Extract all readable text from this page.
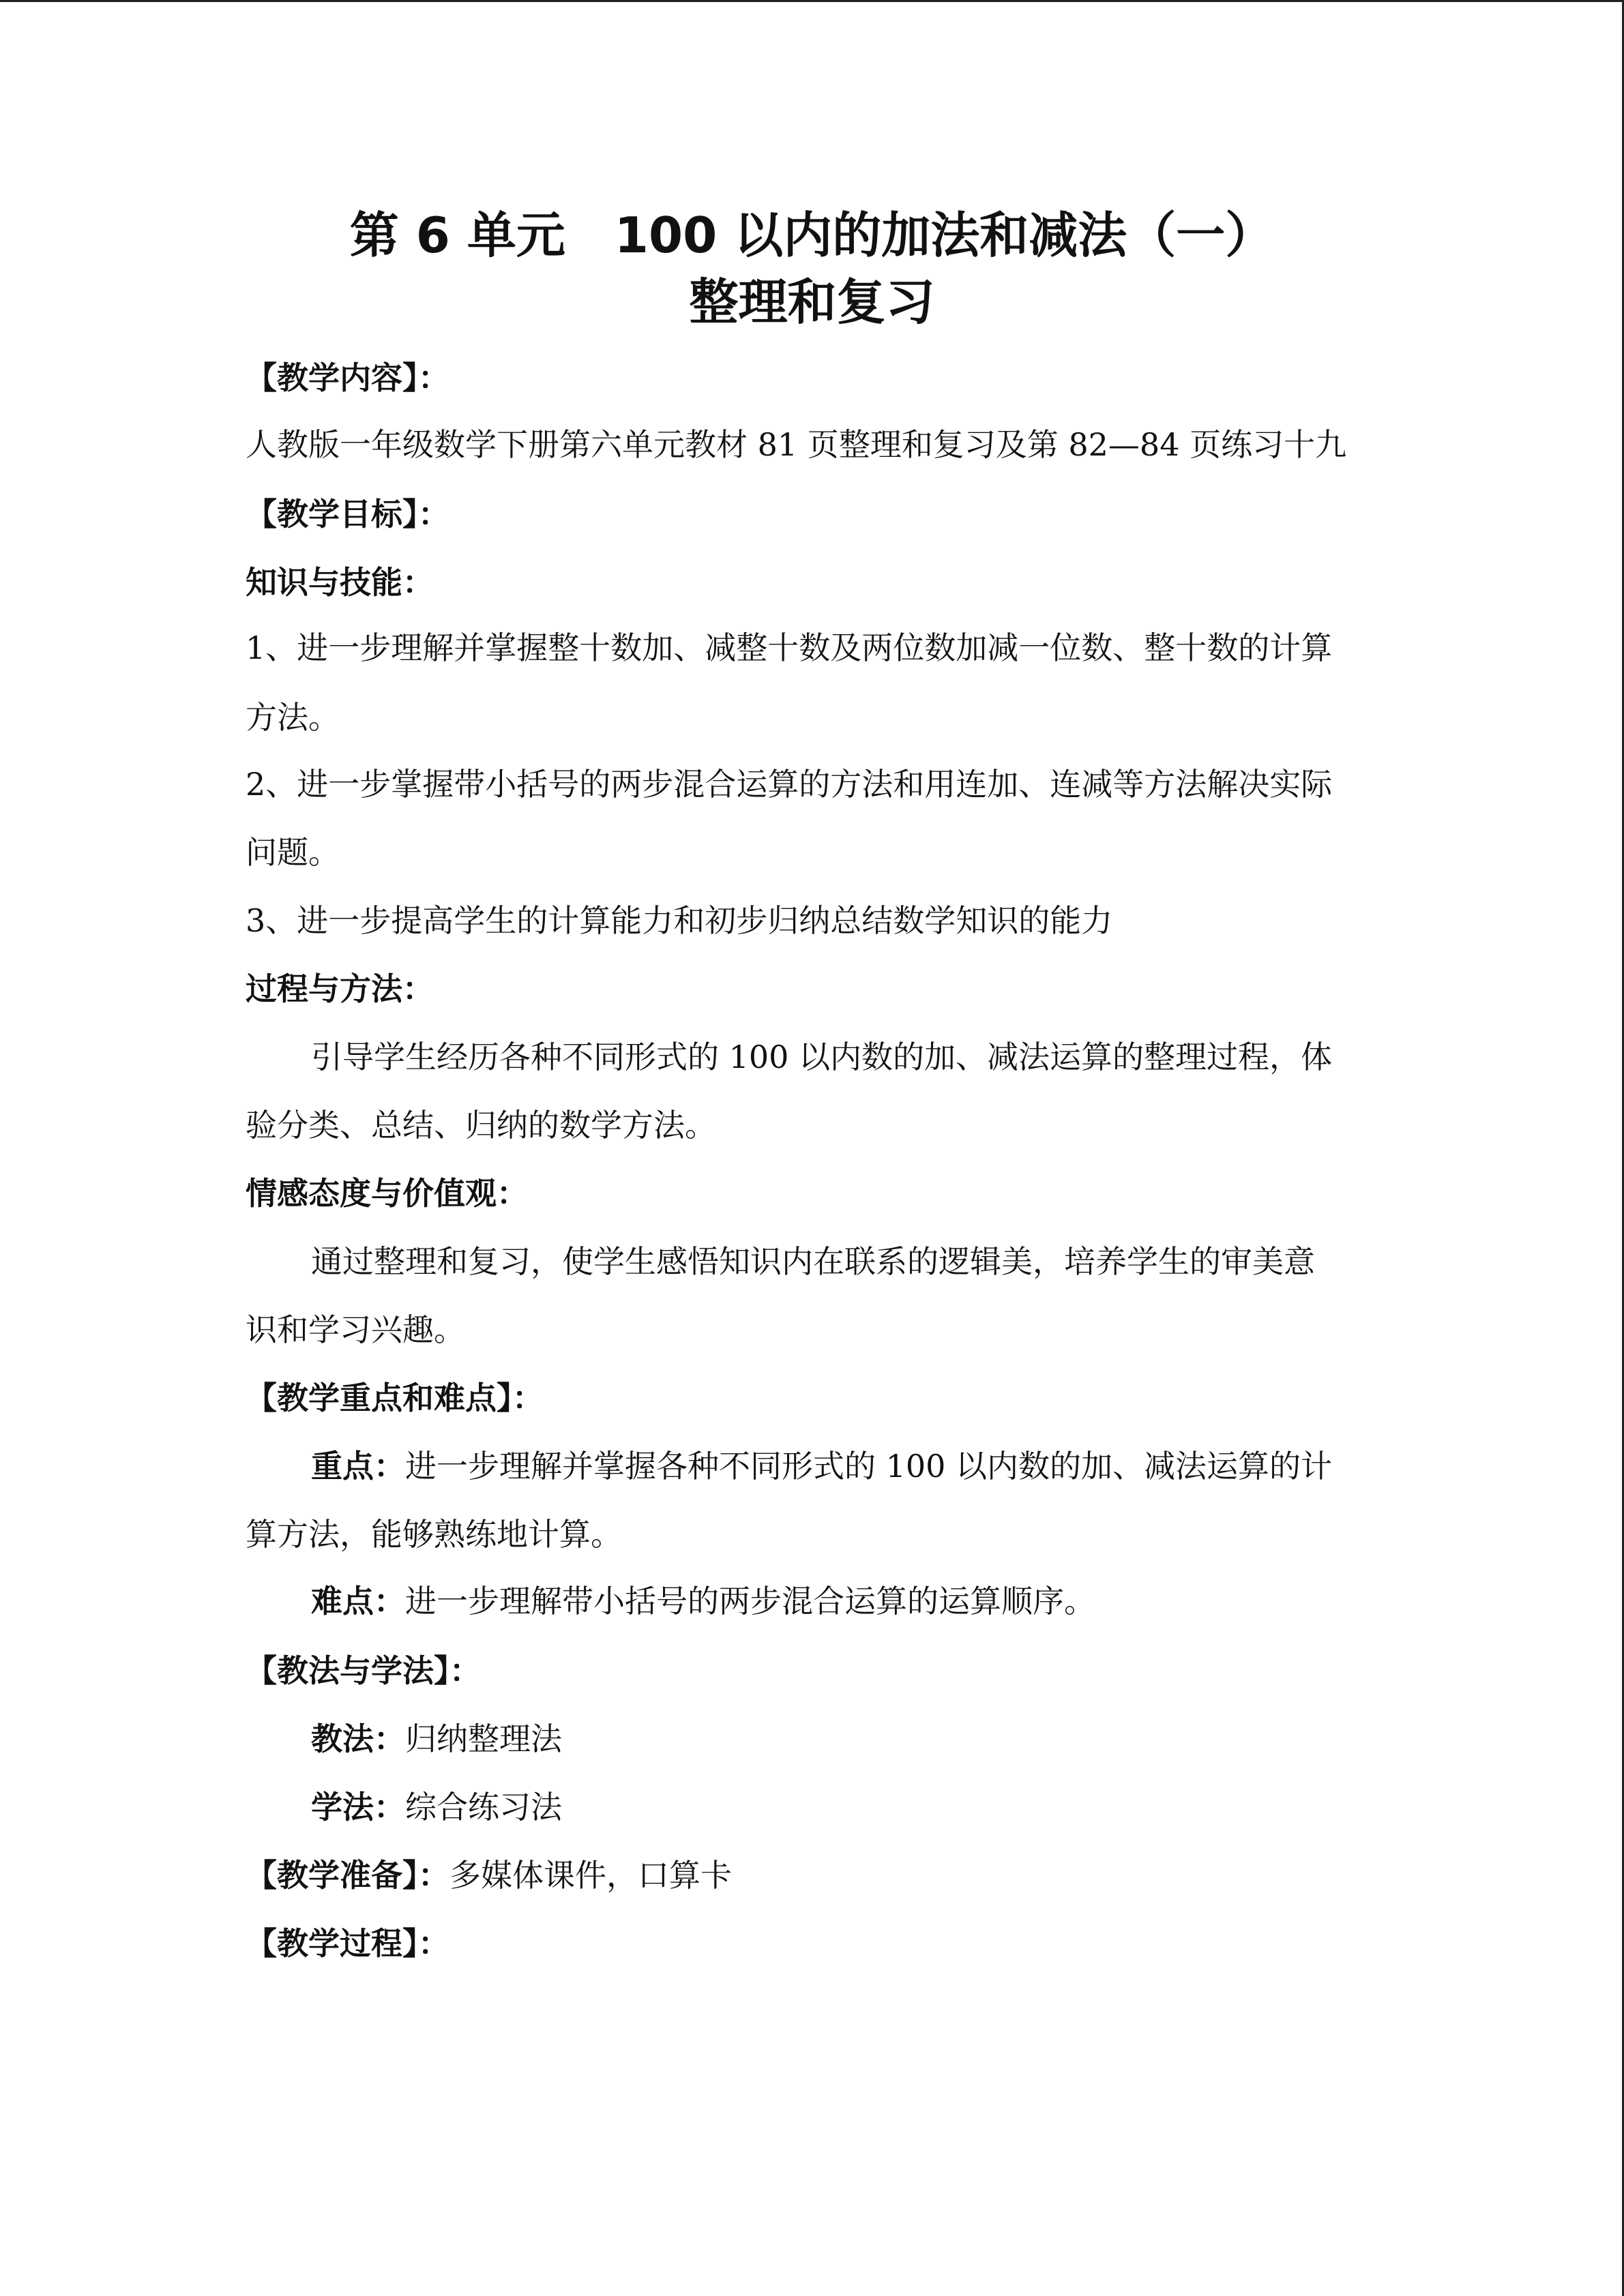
第 6 单元　100 以内的加法和减法（一）
整理和复习
【教学内容】：
人教版一年级数学下册第六单元教材 81 页整理和复习及第 82—84 页练习十九
【教学目标】：
知识与技能：
1、进一步理解并掌握整十数加、减整十数及两位数加减一位数、整十数的计算
方法。
2、进一步掌握带小括号的两步混合运算的方法和用连加、连减等方法解决实际
问题。
3、进一步提高学生的计算能力和初步归纳总结数学知识的能力
过程与方法：
引导学生经历各种不同形式的 100 以内数的加、减法运算的整理过程，体
验分类、总结、归纳的数学方法。
情感态度与价值观：
通过整理和复习，使学生感悟知识内在联系的逻辑美，培养学生的审美意
识和学习兴趣。
【教学重点和难点】：
重点：进一步理解并掌握各种不同形式的 100 以内数的加、减法运算的计
算方法，能够熟练地计算。
难点：进一步理解带小括号的两步混合运算的运算顺序。
【教法与学法】：
教法：归纳整理法
学法：综合练习法
【教学准备】：多媒体课件，口算卡
【教学过程】：
